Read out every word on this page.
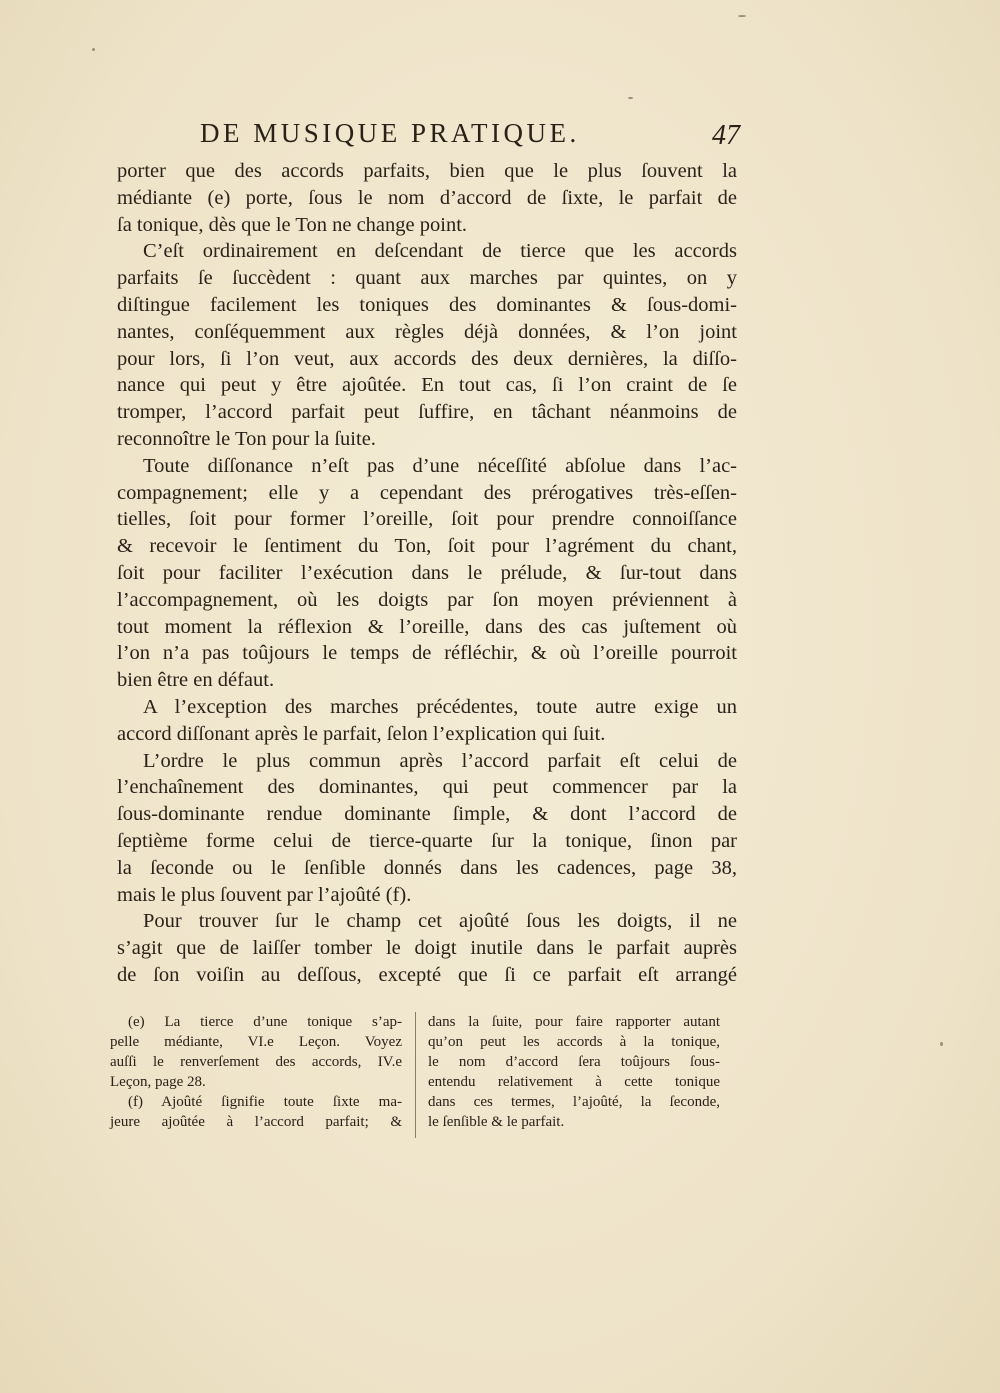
DE MUSIQUE PRATIQUE.	47
porter que des accords parfaits, bien que le plus ſouvent la
médiante (e) porte, ſous le nom d’accord de ſixte, le parfait de
ſa tonique, dès que le Ton ne change point.
C’eſt ordinairement en deſcendant de tierce que les accords
parfaits ſe ſuccèdent : quant aux marches par quintes, on y
diſtingue facilement les toniques des dominantes & ſous-domi-
nantes, conſéquemment aux règles déjà données, & l’on joint
pour lors, ſi l’on veut, aux accords des deux dernières, la diſſo-
nance qui peut y être ajoûtée. En tout cas, ſi l’on craint de ſe
tromper, l’accord parfait peut ſuffire, en tâchant néanmoins de
reconnoître le Ton pour la ſuite.
Toute diſſonance n’eſt pas d’une néceſſité abſolue dans l’ac-
compagnement; elle y a cependant des prérogatives très-eſſen-
tielles, ſoit pour former l’oreille, ſoit pour prendre connoiſſance
& recevoir le ſentiment du Ton, ſoit pour l’agrément du chant,
ſoit pour faciliter l’exécution dans le prélude, & ſur-tout dans
l’accompagnement, où les doigts par ſon moyen préviennent à
tout moment la réflexion & l’oreille, dans des cas juſtement où
l’on n’a pas toûjours le temps de réfléchir, & où l’oreille pourroit
bien être en défaut.
A l’exception des marches précédentes, toute autre exige un
accord diſſonant après le parfait, ſelon l’explication qui ſuit.
L’ordre le plus commun après l’accord parfait eſt celui de
l’enchaînement des dominantes, qui peut commencer par la
ſous-dominante rendue dominante ſimple, & dont l’accord de
ſeptième forme celui de tierce-quarte ſur la tonique, ſinon par
la ſeconde ou le ſenſible donnés dans les cadences, page 38,
mais le plus ſouvent par l’ajoûté (f).
Pour trouver ſur le champ cet ajoûté ſous les doigts, il ne
s’agit que de laiſſer tomber le doigt inutile dans le parfait auprès
de ſon voiſin au deſſous, excepté que ſi ce parfait eſt arrangé
(e) La tierce d’une tonique s’ap-
pelle médiante, VI.e Leçon. Voyez
auſſi le renverſement des accords, IV.e
Leçon, page 28.
(f) Ajoûté ſignifie toute ſixte ma-
jeure ajoûtée à l’accord parfait; &
dans la ſuite, pour faire rapporter autant
qu’on peut les accords à la tonique,
le nom d’accord ſera toûjours ſous-
entendu relativement à cette tonique
dans ces termes, l’ajoûté, la ſeconde,
le ſenſible & le parfait.
